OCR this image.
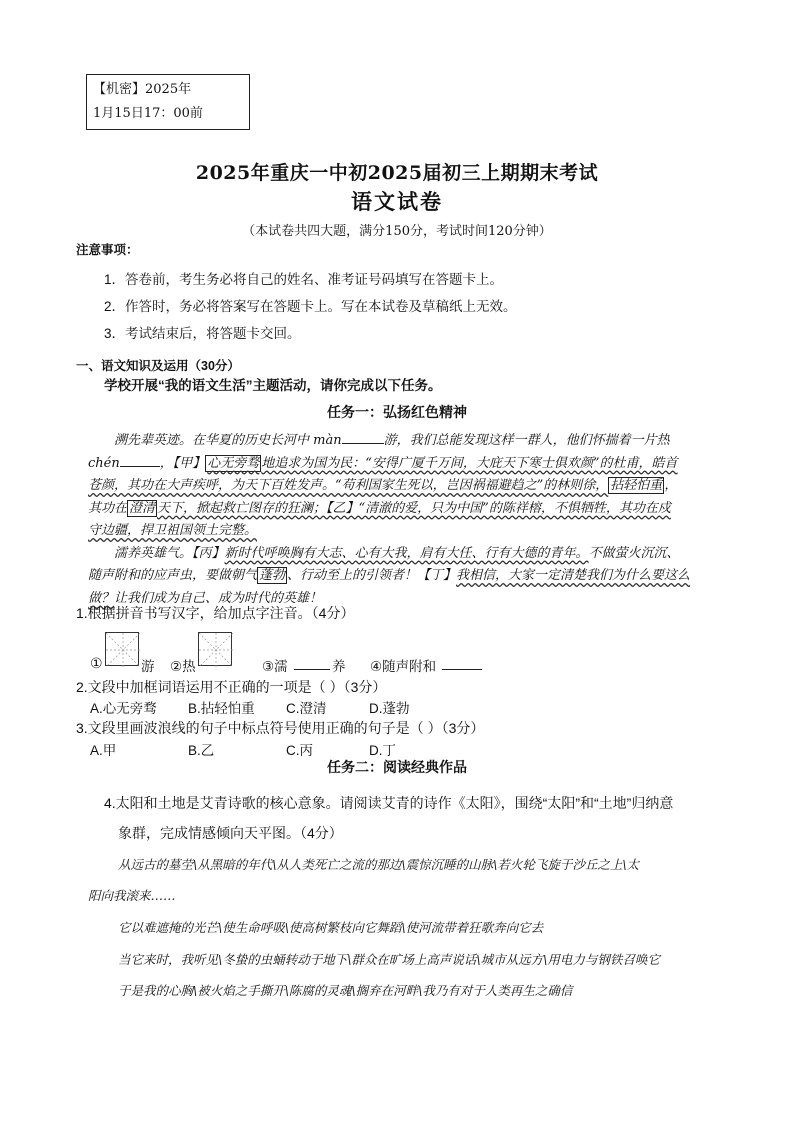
【机密】2025年
1月15日17：00前
2025年重庆一中初2025届初三上期期末考试
语文试卷
（本试卷共四大题，满分150分，考试时间120分钟）
注意事项：
1．答卷前，考生务必将自己的姓名、准考证号码填写在答题卡上。
2．作答时，务必将答案写在答题卡上。写在本试卷及草稿纸上无效。
3．考试结束后，将答题卡交回。
一、语文知识及运用（30分）
学校开展“我的语文生活”主题活动，请你完成以下任务。
任务一：弘扬红色精神
溯先辈英迹。在华夏的历史长河中 màn	游，我们总能发现这样一群人，他们怀揣着一片热
chén	，【甲】 心无旁骛 地追求为国为民：“安得广厦千万间，大庇天下寒士俱欢颜”的杜甫，皓首
苍颜，其功在大声疾呼，为天下百姓发声。“苟利国家生死以，岂因祸福避趋之”的林则徐， 拈轻怕重 ，
其功在 澄清 天下，掀起救亡图存的狂澜；【乙】“清澈的爱，只为中国”的陈祥榕，不惧牺牲，其功在戍
守边疆，捍卫祖国领土完整。
濡养英雄气。【丙】新时代呼唤胸有大志、心有大我，肩有大任、行有大德的青年。不做萤火沉沉、
随声附和的应声虫，要做朝气 蓬勃 、行动至上的引领者！【丁】我相信，大家一定清楚我们为什么要这么
做？让我们成为自己、成为时代的英雄！
1.根据拼音书写汉字，给加点字注音。（4分）
①	游 ②热	③濡	养 ④随声附和
2.文段中加框词语运用不正确的一项是（ ）（3分）
A.心无旁骛 B.拈轻怕重 C.澄清	D.蓬勃
3.文段里画波浪线的句子中标点符号使用正确的句子是（ ）（3分）
A.甲	B.乙	C.丙	D.丁
任务二：阅读经典作品
4.太阳和土地是艾青诗歌的核心意象。请阅读艾青的诗作《太阳》，围绕“太阳”和“土地”归纳意
象群，完成情感倾向天平图。（4分）
从远古的墓茔\从黑暗的年代\从人类死亡之流的那边\震惊沉睡的山脉\若火轮飞旋于沙丘之上\太
阳向我滚来……
它以难遮掩的光芒\使生命呼吸\使高树繁枝向它舞蹈\使河流带着狂歌奔向它去
当它来时，我听见\冬蛰的虫蛹转动于地下\群众在旷场上高声说话\城市从远方\用电力与钢铁召唤它
于是我的心胸\被火焰之手撕开\陈腐的灵魂\搁弃在河畔\我乃有对于人类再生之确信
